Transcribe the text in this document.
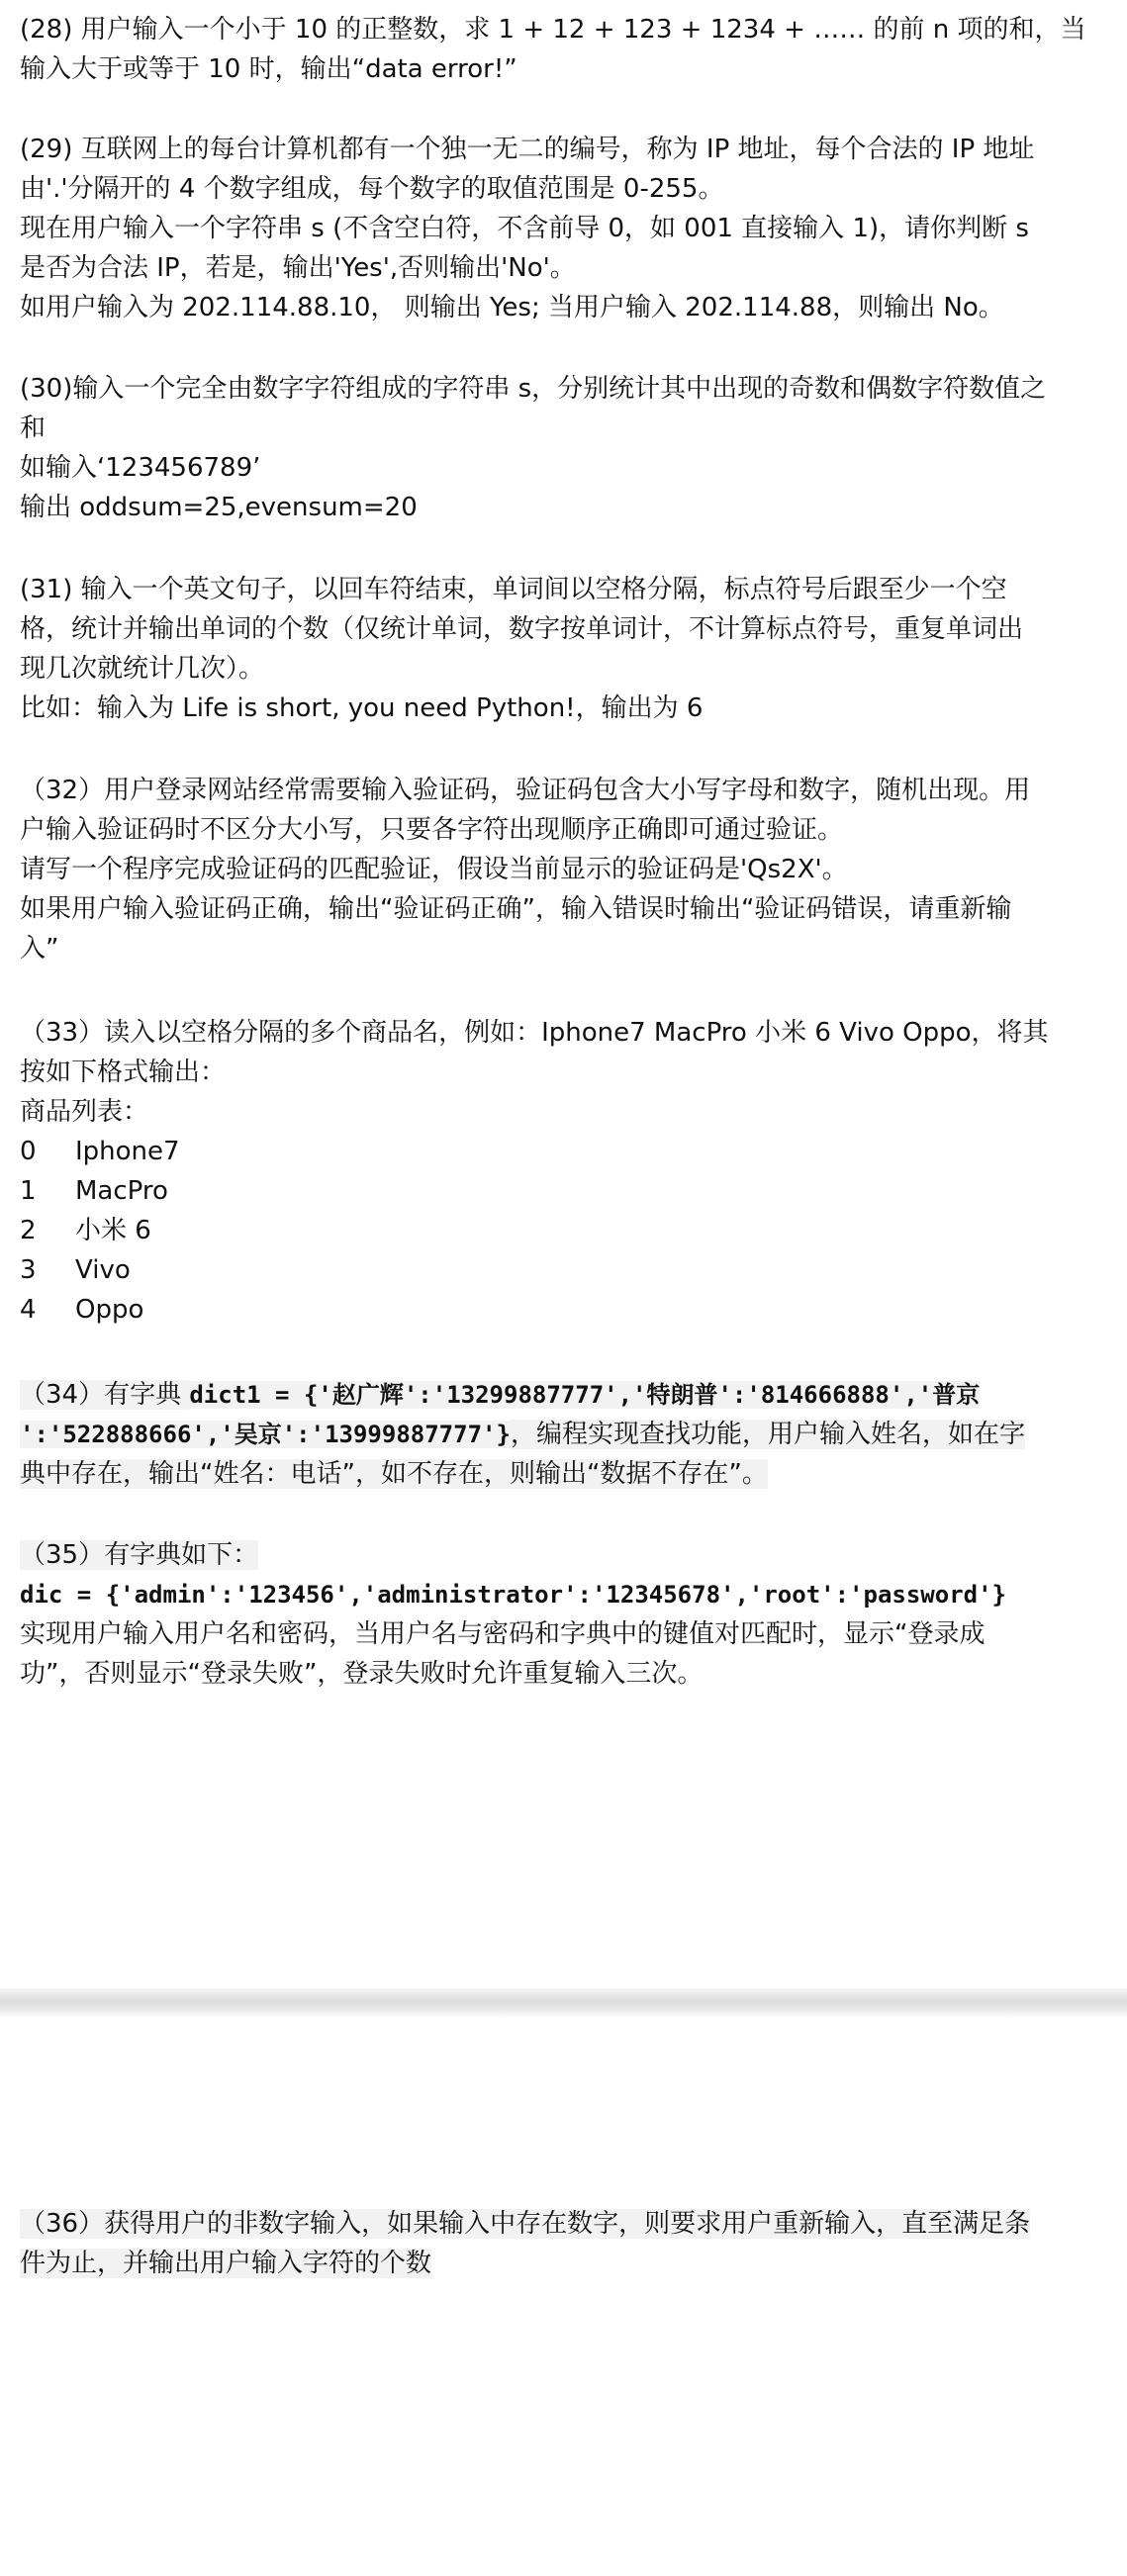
(28) 用户输入一个小于 10 的正整数，求 1 + 12 + 123 + 1234 + …… 的前 n 项的和，当
输入大于或等于 10 时，输出“data error!”
(29) 互联网上的每台计算机都有一个独一无二的编号，称为 IP 地址，每个合法的 IP 地址
由'.'分隔开的 4 个数字组成，每个数字的取值范围是 0-255。
现在用户输入一个字符串 s (不含空白符，不含前导 0，如 001 直接输入 1)，请你判断 s
是否为合法 IP，若是，输出'Yes',否则输出'No'。
如用户输入为 202.114.88.10， 则输出 Yes; 当用户输入 202.114.88，则输出 No。
(30)输入一个完全由数字字符组成的字符串 s，分别统计其中出现的奇数和偶数字符数值之
和
如输入‘123456789’
输出 oddsum=25,evensum=20
(31) 输入一个英文句子，以回车符结束，单词间以空格分隔，标点符号后跟至少一个空
格，统计并输出单词的个数（仅统计单词，数字按单词计，不计算标点符号，重复单词出
现几次就统计几次）。
比如：输入为 Life is short, you need Python!，输出为 6
（32）用户登录网站经常需要输入验证码，验证码包含大小写字母和数字，随机出现。用
户输入验证码时不区分大小写，只要各字符出现顺序正确即可通过验证。
请写一个程序完成验证码的匹配验证，假设当前显示的验证码是'Qs2X'。
如果用户输入验证码正确，输出“验证码正确”，输入错误时输出“验证码错误，请重新输
入”
（33）读入以空格分隔的多个商品名，例如：Iphone7 MacPro 小米 6 Vivo Oppo，将其
按如下格式输出：
商品列表：
0	Iphone7
1	MacPro
2	小米 6
3	Vivo
4	Oppo
（34）有字典 dict1 = {'赵广辉':'13299887777','特朗普':'814666888','普京
':'522888666','吴京':'13999887777'}，编程实现查找功能，用户输入姓名，如在字
典中存在，输出“姓名：电话”，如不存在，则输出“数据不存在”。
（35）有字典如下：
dic = {'admin':'123456','administrator':'12345678','root':'password'}
实现用户输入用户名和密码，当用户名与密码和字典中的键值对匹配时，显示“登录成
功”，否则显示“登录失败”，登录失败时允许重复输入三次。
（36）获得用户的非数字输入，如果输入中存在数字，则要求用户重新输入，直至满足条
件为止，并输出用户输入字符的个数
